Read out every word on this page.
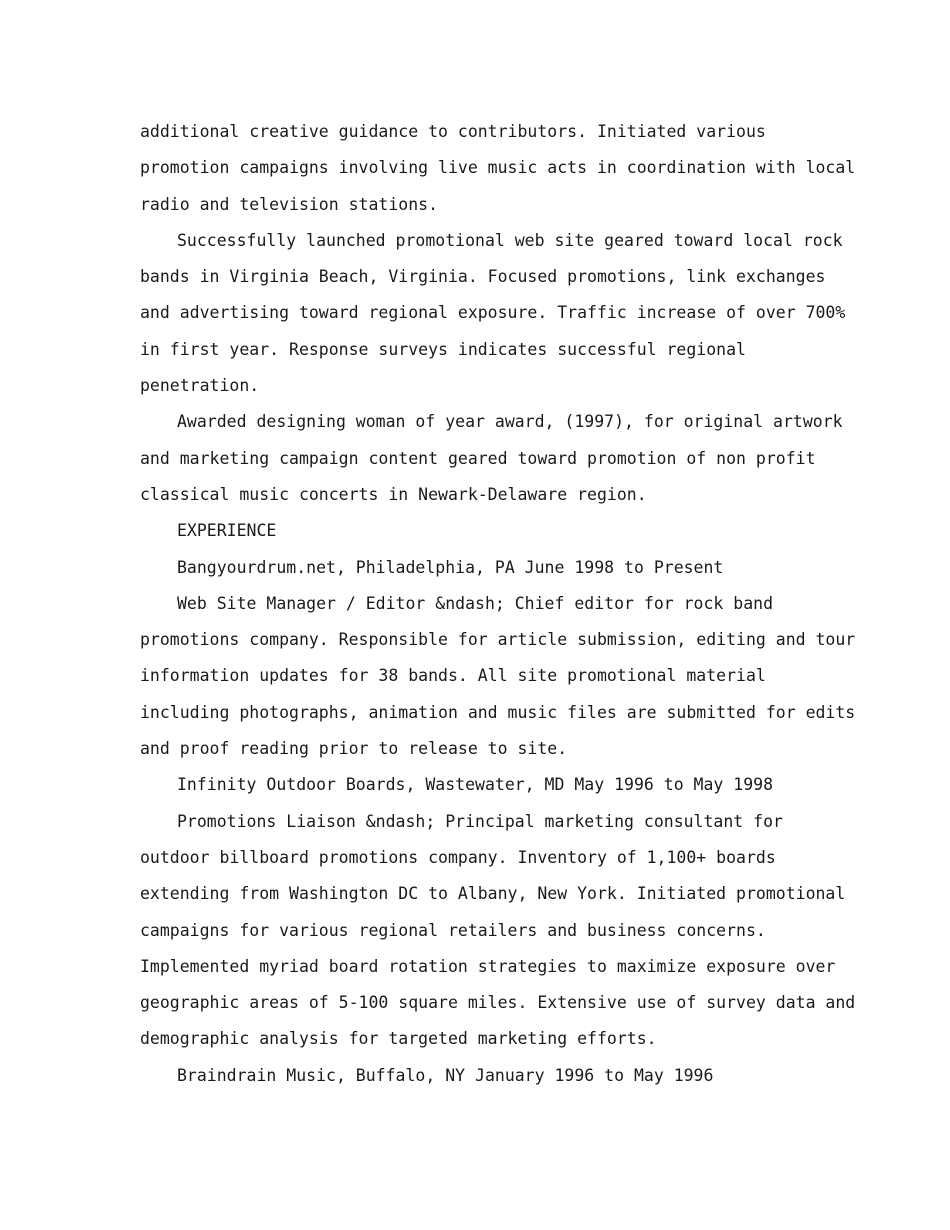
additional creative guidance to contributors. Initiated various
promotion campaigns involving live music acts in coordination with local
radio and television stations.
Successfully launched promotional web site geared toward local rock
bands in Virginia Beach, Virginia. Focused promotions, link exchanges
and advertising toward regional exposure. Traffic increase of over 700%
in first year. Response surveys indicates successful regional
penetration.
Awarded designing woman of year award, (1997), for original artwork
and marketing campaign content geared toward promotion of non profit
classical music concerts in Newark-Delaware region.
EXPERIENCE
Bangyourdrum.net, Philadelphia, PA June 1998 to Present
Web Site Manager / Editor &ndash; Chief editor for rock band
promotions company. Responsible for article submission, editing and tour
information updates for 38 bands. All site promotional material
including photographs, animation and music files are submitted for edits
and proof reading prior to release to site.
Infinity Outdoor Boards, Wastewater, MD May 1996 to May 1998
Promotions Liaison &ndash; Principal marketing consultant for
outdoor billboard promotions company. Inventory of 1,100+ boards
extending from Washington DC to Albany, New York. Initiated promotional
campaigns for various regional retailers and business concerns.
Implemented myriad board rotation strategies to maximize exposure over
geographic areas of 5-100 square miles. Extensive use of survey data and
demographic analysis for targeted marketing efforts.
Braindrain Music, Buffalo, NY January 1996 to May 1996
